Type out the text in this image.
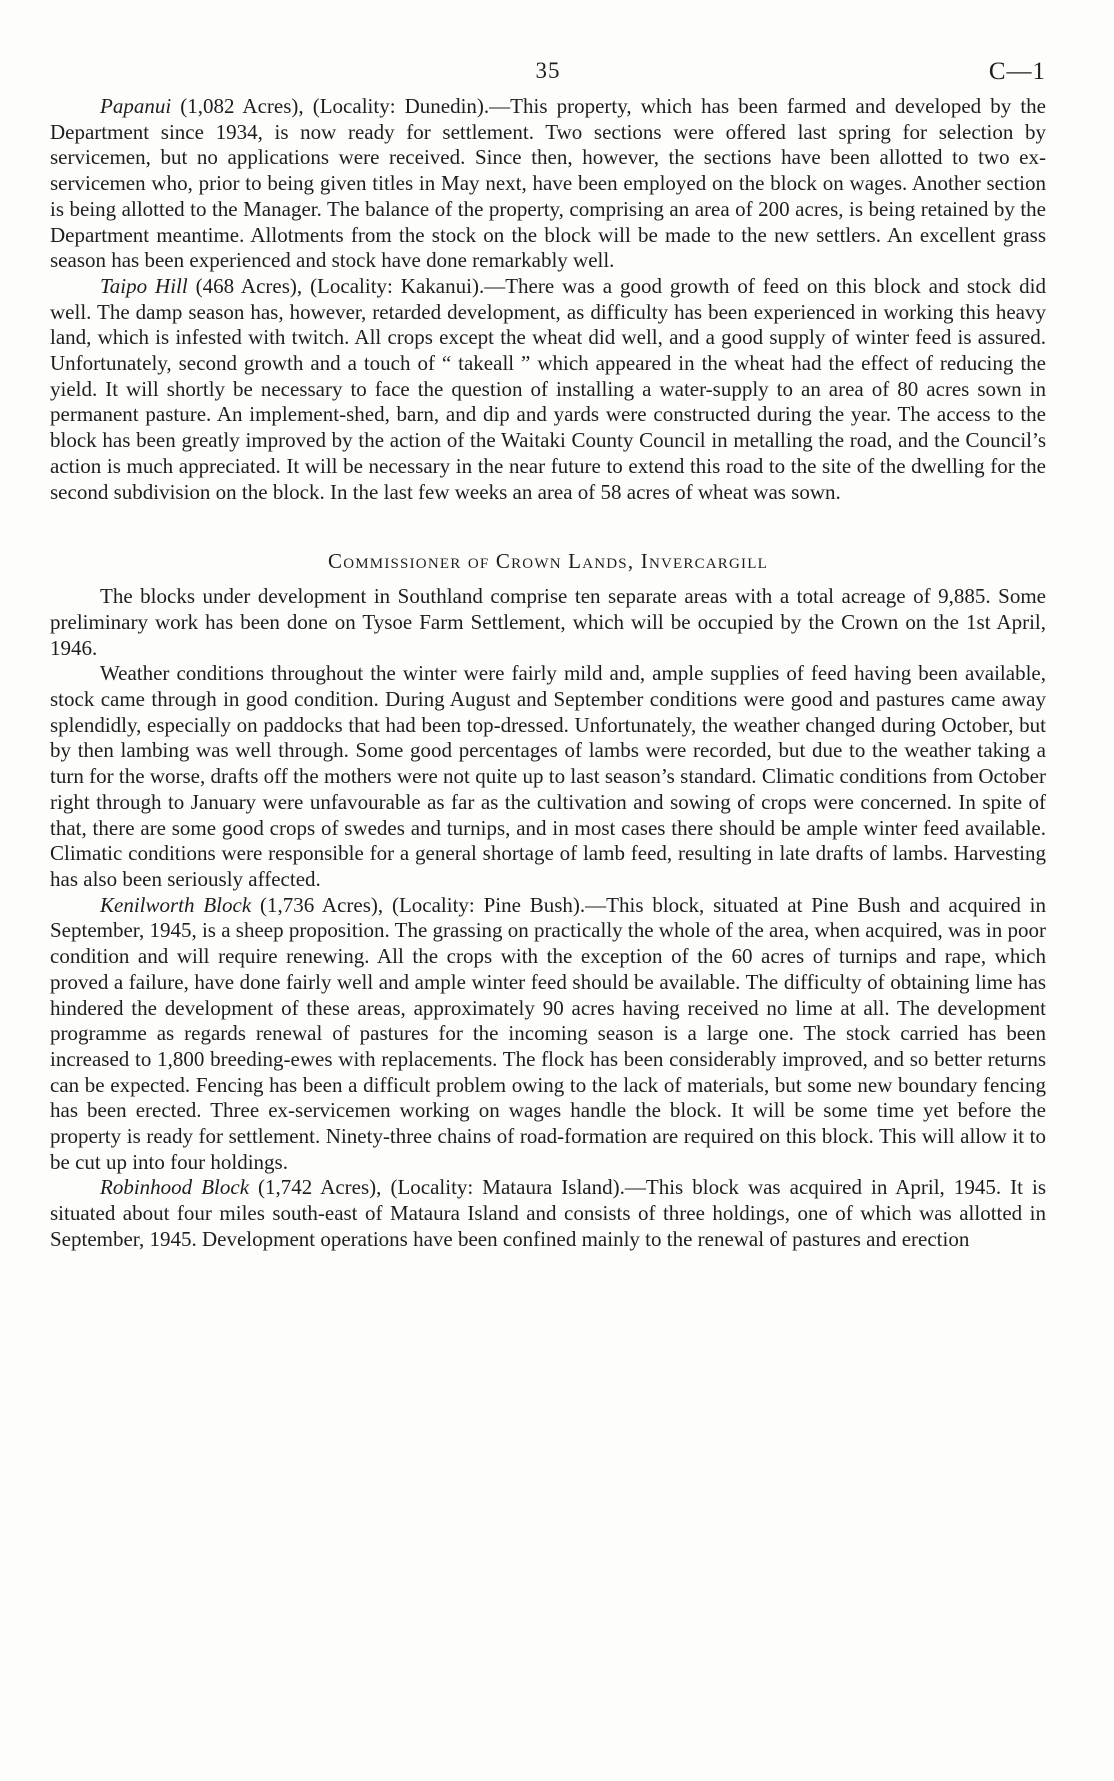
35	C—1

Papanui (1,082 Acres), (Locality: Dunedin).—This property, which has been farmed and developed by the Department since 1934, is now ready for settlement. Two sections were offered last spring for selection by servicemen, but no applications were received. Since then, however, the sections have been allotted to two ex-servicemen who, prior to being given titles in May next, have been employed on the block on wages. Another section is being allotted to the Manager. The balance of the property, comprising an area of 200 acres, is being retained by the Department meantime. Allotments from the stock on the block will be made to the new settlers. An excellent grass season has been experienced and stock have done remarkably well.

Taipo Hill (468 Acres), (Locality: Kakanui).—There was a good growth of feed on this block and stock did well. The damp season has, however, retarded development, as difficulty has been experienced in working this heavy land, which is infested with twitch. All crops except the wheat did well, and a good supply of winter feed is assured. Unfortunately, second growth and a touch of “ takeall ” which appeared in the wheat had the effect of reducing the yield. It will shortly be necessary to face the question of installing a water-supply to an area of 80 acres sown in permanent pasture. An implement-shed, barn, and dip and yards were constructed during the year. The access to the block has been greatly improved by the action of the Waitaki County Council in metalling the road, and the Council’s action is much appreciated. It will be necessary in the near future to extend this road to the site of the dwelling for the second subdivision on the block. In the last few weeks an area of 58 acres of wheat was sown.

Commissioner of Crown Lands, Invercargill

The blocks under development in Southland comprise ten separate areas with a total acreage of 9,885. Some preliminary work has been done on Tysoe Farm Settlement, which will be occupied by the Crown on the 1st April, 1946.

Weather conditions throughout the winter were fairly mild and, ample supplies of feed having been available, stock came through in good condition. During August and September conditions were good and pastures came away splendidly, especially on paddocks that had been top-dressed. Unfortunately, the weather changed during October, but by then lambing was well through. Some good percentages of lambs were recorded, but due to the weather taking a turn for the worse, drafts off the mothers were not quite up to last season’s standard. Climatic conditions from October right through to January were unfavourable as far as the cultivation and sowing of crops were concerned. In spite of that, there are some good crops of swedes and turnips, and in most cases there should be ample winter feed available. Climatic conditions were responsible for a general shortage of lamb feed, resulting in late drafts of lambs. Harvesting has also been seriously affected.

Kenilworth Block (1,736 Acres), (Locality: Pine Bush).—This block, situated at Pine Bush and acquired in September, 1945, is a sheep proposition. The grassing on practically the whole of the area, when acquired, was in poor condition and will require renewing. All the crops with the exception of the 60 acres of turnips and rape, which proved a failure, have done fairly well and ample winter feed should be available. The difficulty of obtaining lime has hindered the development of these areas, approximately 90 acres having received no lime at all. The development programme as regards renewal of pastures for the incoming season is a large one. The stock carried has been increased to 1,800 breeding-ewes with replacements. The flock has been considerably improved, and so better returns can be expected. Fencing has been a difficult problem owing to the lack of materials, but some new boundary fencing has been erected. Three ex-servicemen working on wages handle the block. It will be some time yet before the property is ready for settlement. Ninety-three chains of road-formation are required on this block. This will allow it to be cut up into four holdings.

Robinhood Block (1,742 Acres), (Locality: Mataura Island).—This block was acquired in April, 1945. It is situated about four miles south-east of Mataura Island and consists of three holdings, one of which was allotted in September, 1945. Development operations have been confined mainly to the renewal of pastures and erection
